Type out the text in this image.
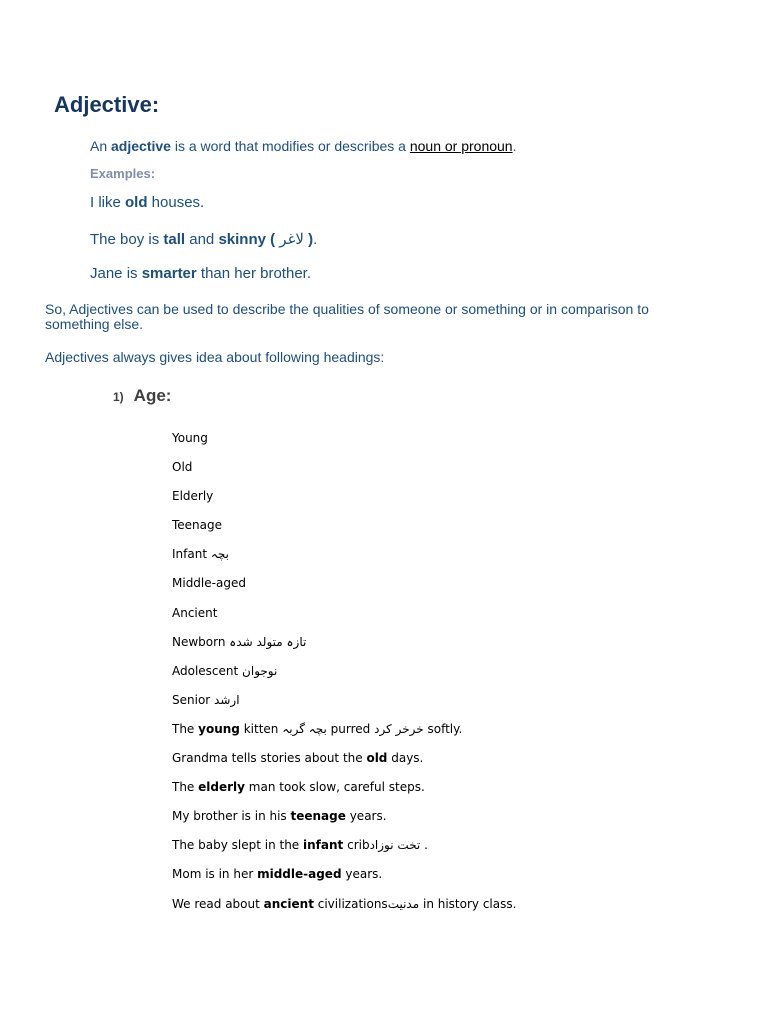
Adjective:
An adjective is a word that modifies or describes a noun or pronoun.
Examples:
I like old houses.
The boy is tall and skinny ( لاغر ).
Jane is smarter than her brother.
So, Adjectives can be used to describe the qualities of someone or something or in comparison to something else.
Adjectives always gives idea about following headings:
1) Age:
Young
Old
Elderly
Teenage
Infant بچہ
Middle-aged
Ancient
Newborn تازہ متولد شدہ
Adolescent نوجوان
Senior ارشد
The young kitten بچہ گربہ purred خرخر کرد softly.
Grandma tells stories about the old days.
The elderly man took slow, careful steps.
My brother is in his teenage years.
The baby slept in the infant cribتخت نوزاد .
Mom is in her middle-aged years.
We read about ancient civilizationsمدنیت in history class.
